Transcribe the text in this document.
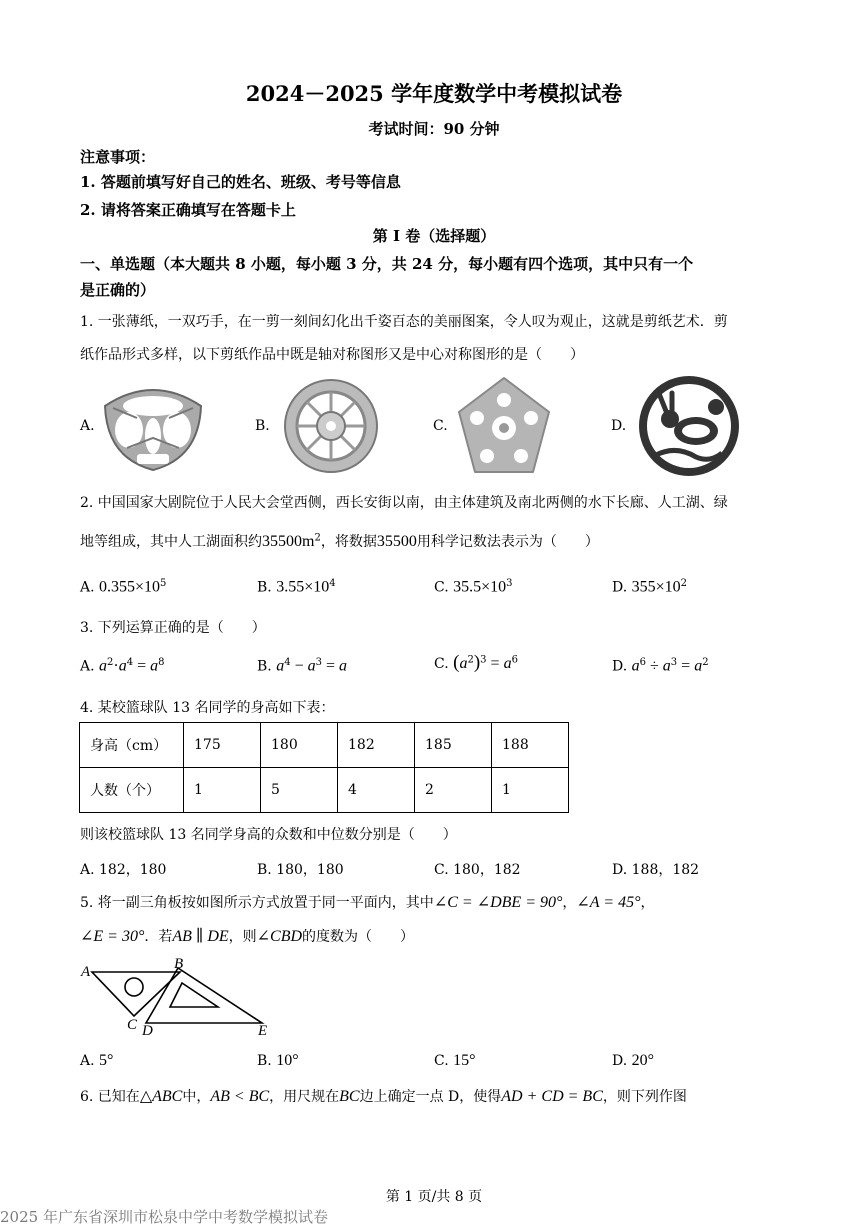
2024－2025 学年度数学中考模拟试卷
考试时间：90 分钟
注意事项：
1. 答题前填写好自己的姓名、班级、考号等信息
2. 请将答案正确填写在答题卡上
第 I 卷（选择题）
一、单选题（本大题共 8 小题，每小题 3 分，共 24 分，每小题有四个选项，其中只有一个
是正确的）
1. 一张薄纸，一双巧手，在一剪一刻间幻化出千姿百态的美丽图案，令人叹为观止，这就是剪纸艺术．剪
纸作品形式多样，以下剪纸作品中既是轴对称图形又是中心对称图形的是（　　）
A.	B.	C.	D.
2. 中国国家大剧院位于人民大会堂西侧，西长安街以南，由主体建筑及南北两侧的水下长廊、人工湖、绿
地等组成，其中人工湖面积约$35500m^2$，将数据35500用科学记数法表示为（　　）
A. $0.355\times 10^5$	B. $3.55\times 10^4$	C. $35.5\times 10^3$	D. $355\times 10^2$
3. 下列运算正确的是（　　）
A. $a^2\cdot a^4 = a^8$	B. $a^4 - a^3 = a$	C. $(a^2)^3 = a^6$	D. $a^6 \div a^3 = a^2$
4. 某校篮球队 13 名同学的身高如下表：
身高（cm）	175	180	182	185	188
人数（个）	1	5	4	2	1
则该校篮球队 13 名同学身高的众数和中位数分别是（　　）
A. 182，180	B. 180，180	C. 180，182	D. 188，182
5. 将一副三角板按如图所示方式放置于同一平面内，其中∠C = ∠DBE = 90°，∠A = 45°，
∠E = 30°．若AB ∥ DE，则∠CBD的度数为（　　）
A	B
C D	E
A. 5°	B. 10°	C. 15°	D. 20°
6. 已知在△ABC中，AB < BC，用尺规在BC边上确定一点 D，使得AD + CD = BC，则下列作图
第 1 页/共 8 页
2025 年广东省深圳市松泉中学中考数学模拟试卷
